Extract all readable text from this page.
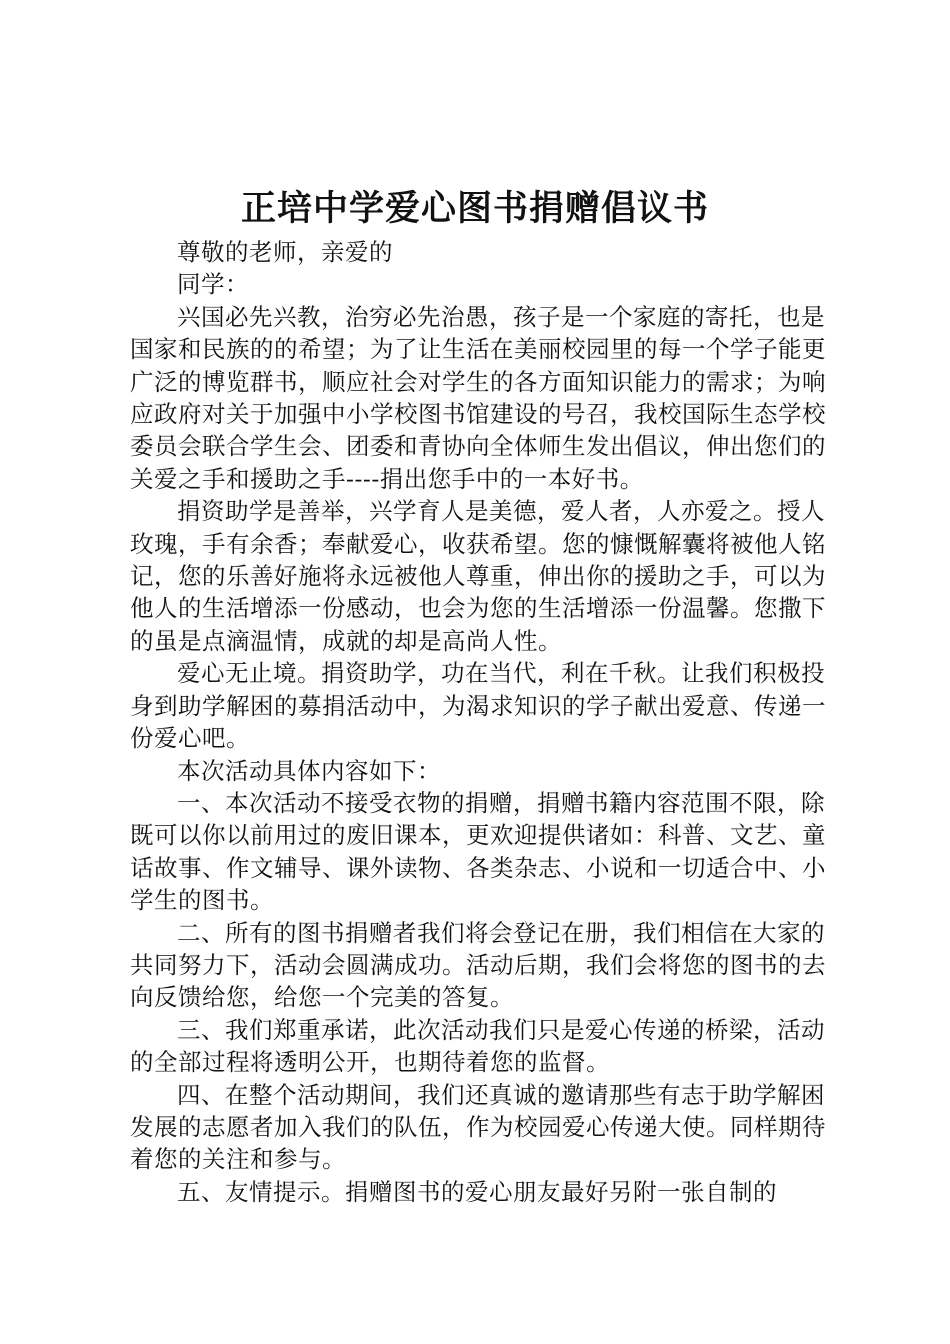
正培中学爱心图书捐赠倡议书

尊敬的老师，亲爱的

同学：

兴国必先兴教，治穷必先治愚，孩子是一个家庭的寄托，也是国家和民族的的希望；为了让生活在美丽校园里的每一个学子能更广泛的博览群书，顺应社会对学生的各方面知识能力的需求；为响应政府对关于加强中小学校图书馆建设的号召，我校国际生态学校委员会联合学生会、团委和青协向全体师生发出倡议，伸出您们的关爱之手和援助之手----捐出您手中的一本好书。

捐资助学是善举，兴学育人是美德，爱人者，人亦爱之。授人玫瑰，手有余香；奉献爱心，收获希望。您的慷慨解囊将被他人铭记，您的乐善好施将永远被他人尊重，伸出你的援助之手，可以为他人的生活增添一份感动，也会为您的生活增添一份温馨。您撒下的虽是点滴温情，成就的却是高尚人性。

爱心无止境。捐资助学，功在当代，利在千秋。让我们积极投身到助学解困的募捐活动中，为渴求知识的学子献出爱意、传递一份爱心吧。

本次活动具体内容如下：

一、本次活动不接受衣物的捐赠，捐赠书籍内容范围不限，除既可以你以前用过的废旧课本，更欢迎提供诸如：科普、文艺、童话故事、作文辅导、课外读物、各类杂志、小说和一切适合中、小学生的图书。

二、所有的图书捐赠者我们将会登记在册，我们相信在大家的共同努力下，活动会圆满成功。活动后期，我们会将您的图书的去向反馈给您，给您一个完美的答复。

三、我们郑重承诺，此次活动我们只是爱心传递的桥梁，活动的全部过程将透明公开，也期待着您的监督。

四、在整个活动期间，我们还真诚的邀请那些有志于助学解困发展的志愿者加入我们的队伍，作为校园爱心传递大使。同样期待着您的关注和参与。

五、友情提示。捐赠图书的爱心朋友最好另附一张自制的
